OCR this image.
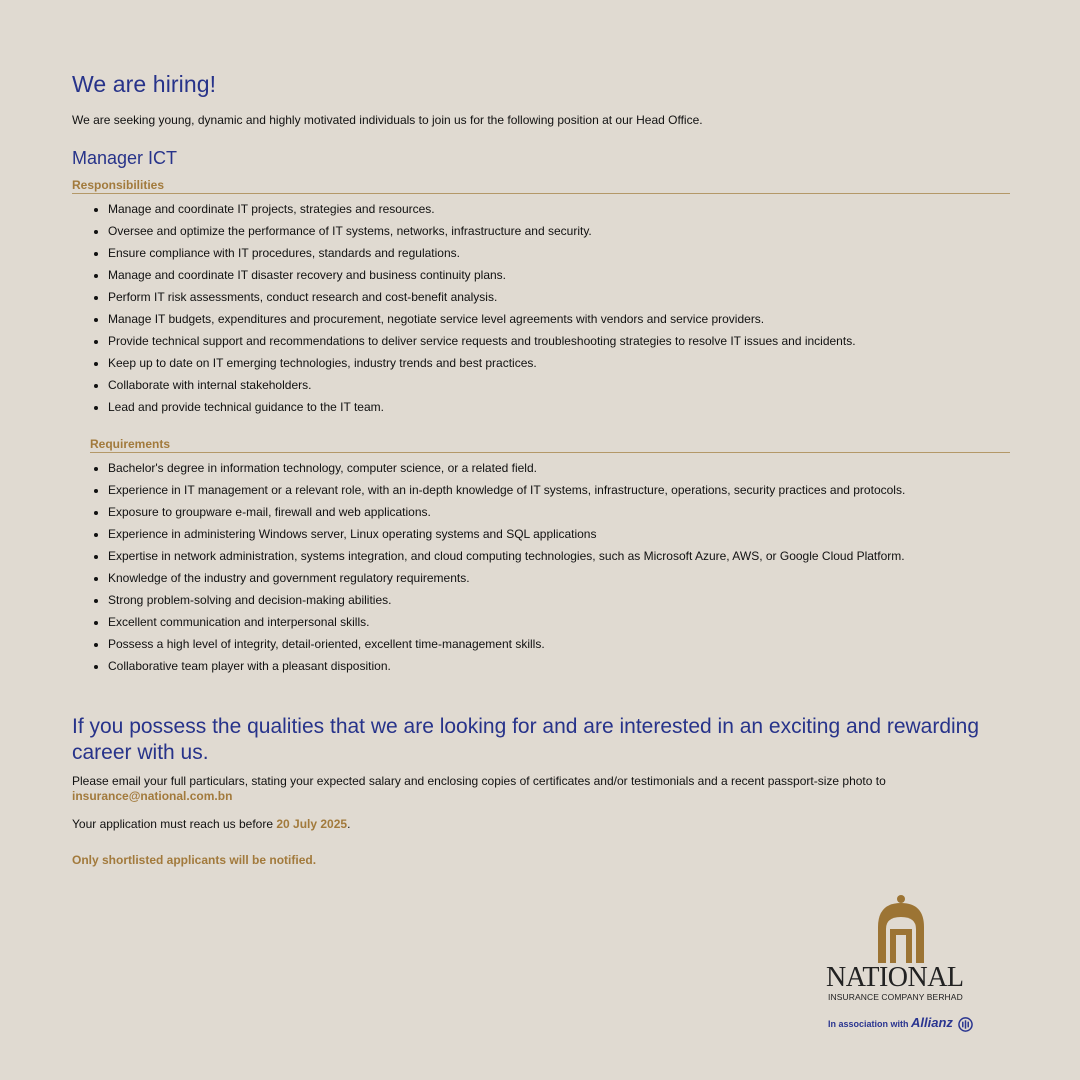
We are hiring!

We are seeking young, dynamic and highly motivated individuals to join us for the following position at our Head Office.

Manager ICT
Responsibilities
• Manage and coordinate IT projects, strategies and resources.
• Oversee and optimize the performance of IT systems, networks, infrastructure and security.
• Ensure compliance with IT procedures, standards and regulations.
• Manage and coordinate IT disaster recovery and business continuity plans.
• Perform IT risk assessments, conduct research and cost-benefit analysis.
• Manage IT budgets, expenditures and procurement, negotiate service level agreements with vendors and service providers.
• Provide technical support and recommendations to deliver service requests and troubleshooting strategies to resolve IT issues and incidents.
• Keep up to date on IT emerging technologies, industry trends and best practices.
• Collaborate with internal stakeholders.
• Lead and provide technical guidance to the IT team.
Requirements
• Bachelor's degree in information technology, computer science, or a related field.
• Experience in IT management or a relevant role, with an in-depth knowledge of IT systems, infrastructure, operations, security practices and protocols.
• Exposure to groupware e-mail, firewall and web applications.
• Experience in administering Windows server, Linux operating systems and SQL applications
• Expertise in network administration, systems integration, and cloud computing technologies, such as Microsoft Azure, AWS, or Google Cloud Platform.
• Knowledge of the industry and government regulatory requirements.
• Strong problem-solving and decision-making abilities.
• Excellent communication and interpersonal skills.
• Possess a high level of integrity, detail-oriented, excellent time-management skills.
• Collaborative team player with a pleasant disposition.
If you possess the qualities that we are looking for and are interested in an exciting and rewarding career with us.

Please email your full particulars, stating your expected salary and enclosing copies of certificates and/or testimonials and a recent passport-size photo to
insurance@national.com.bn

Your application must reach us before 20 July 2025.

Only shortlisted applicants will be notified.

NATIONAL
INSURANCE COMPANY BERHAD
In association with Allianz
